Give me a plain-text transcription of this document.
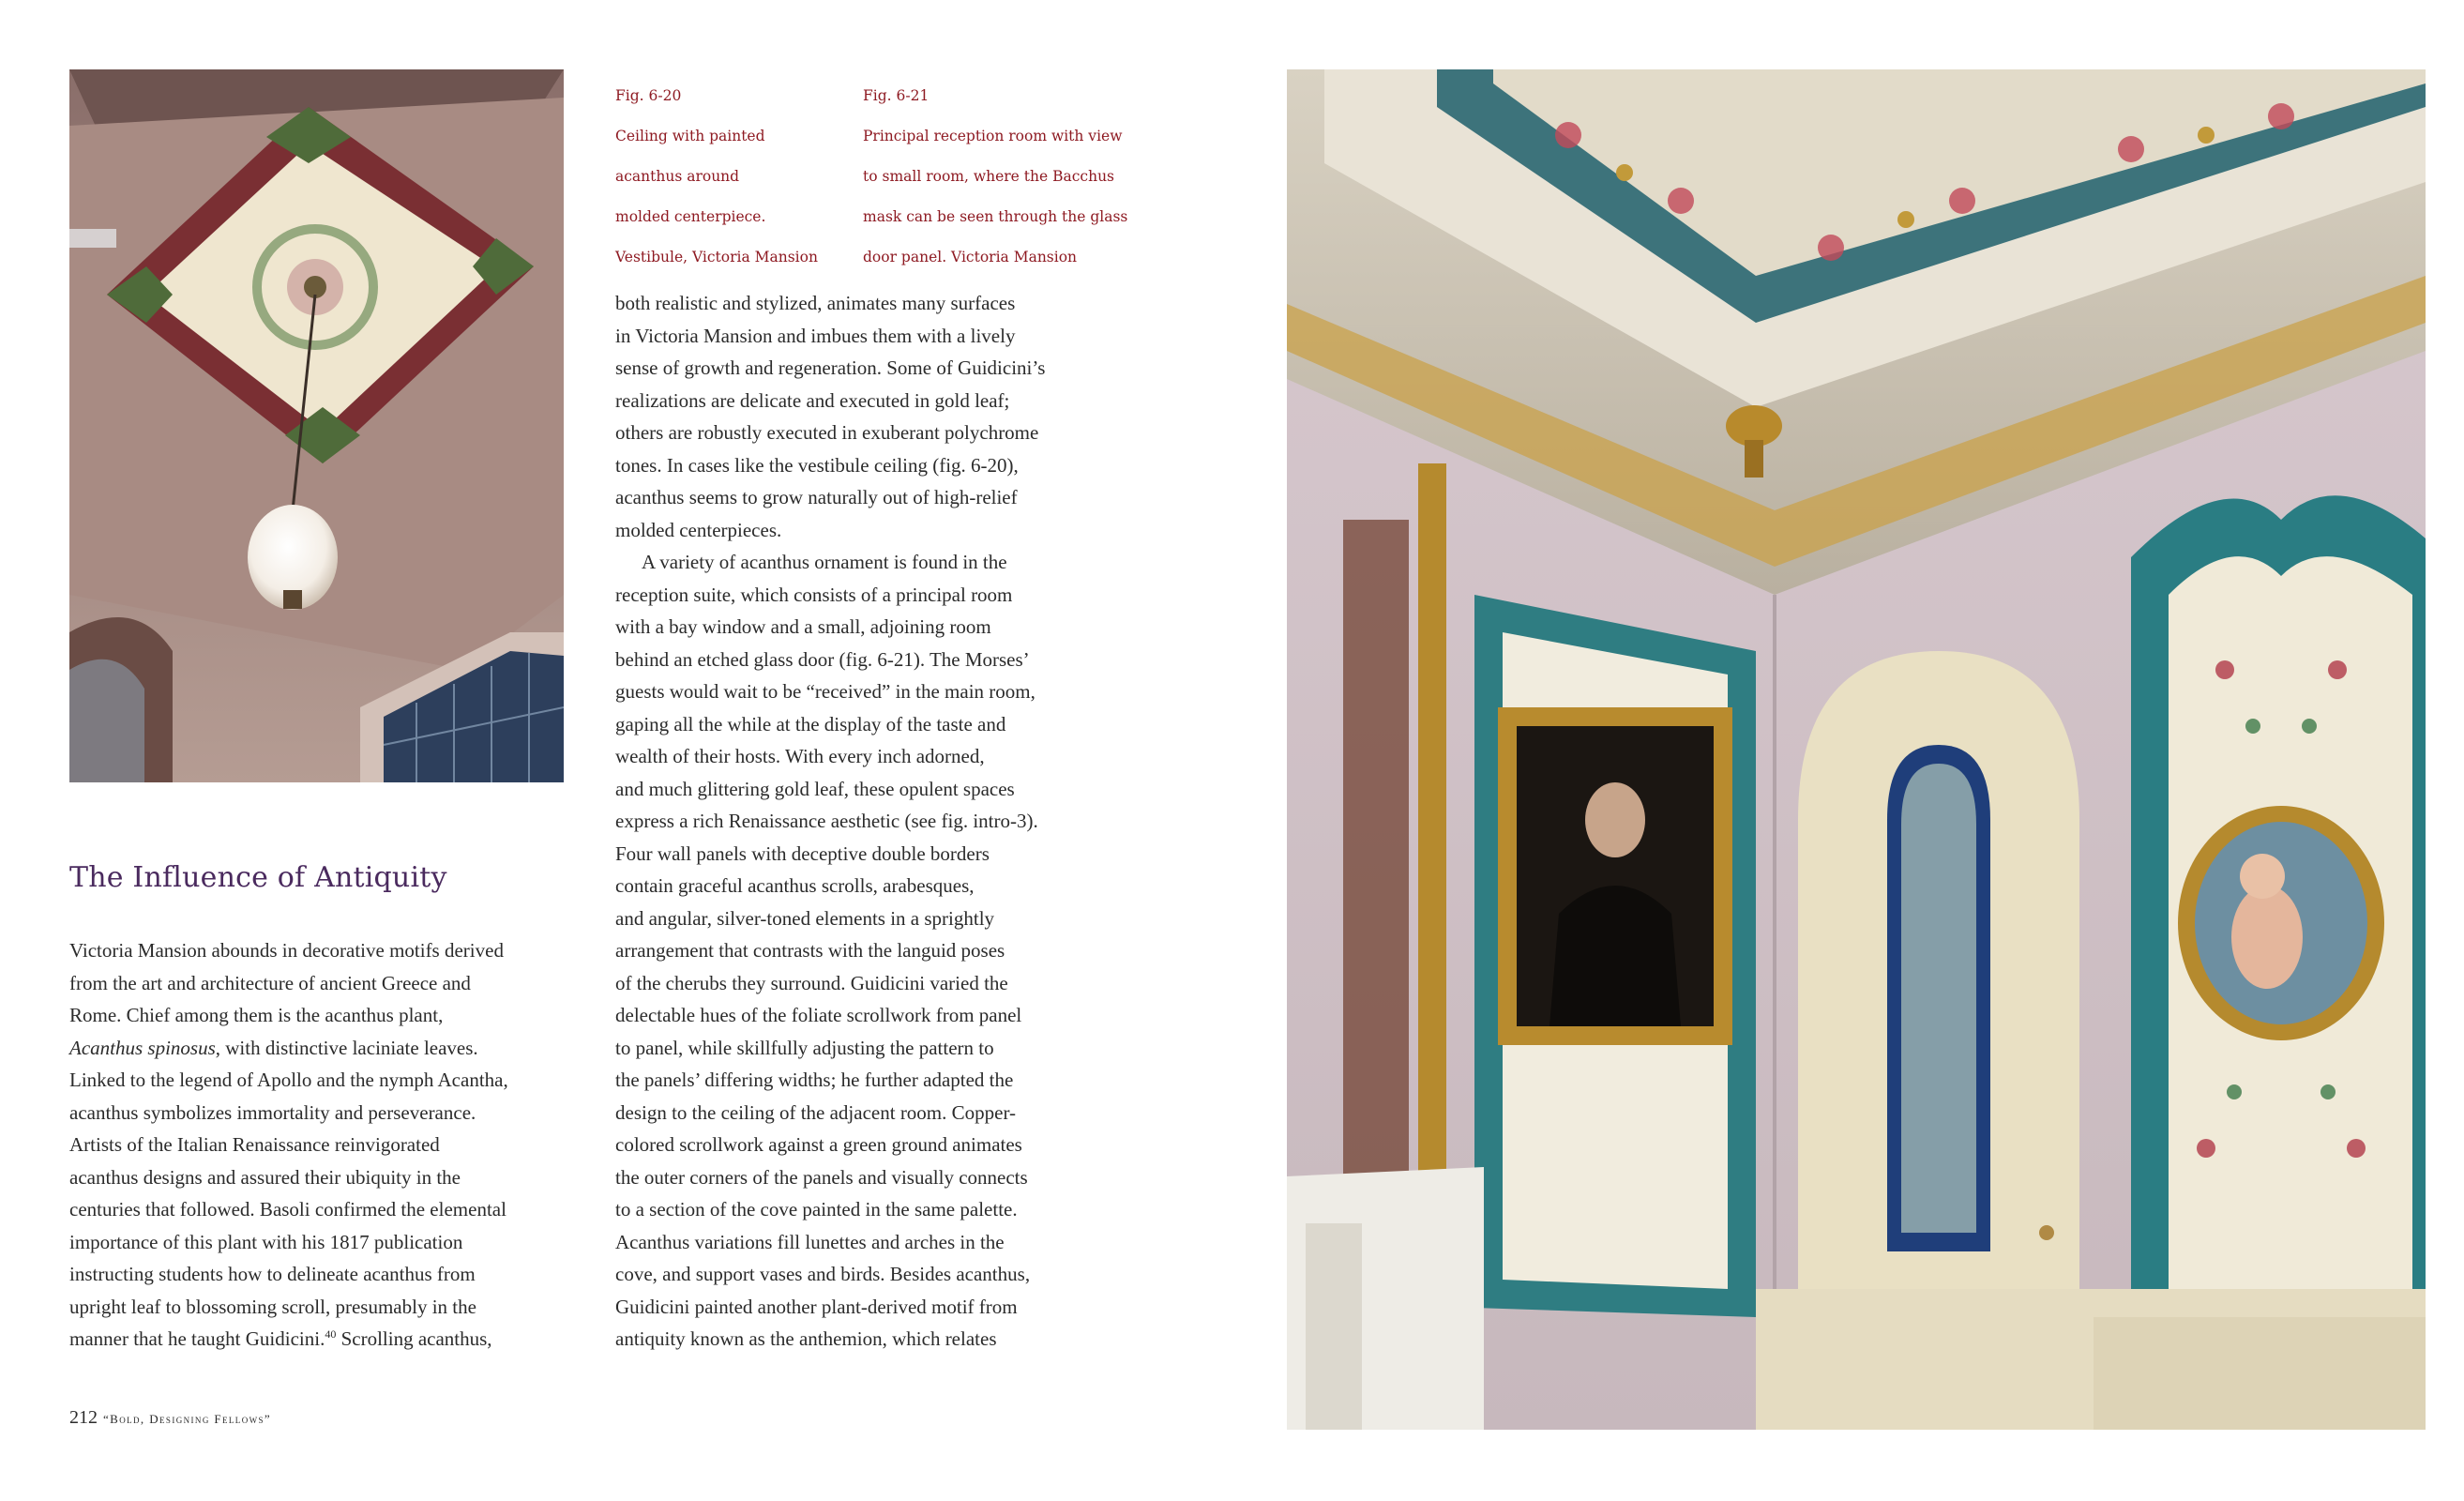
Fig. 6-20

Ceiling with painted

acanthus around

molded centerpiece.

Vestibule, Victoria Mansion

Fig. 6-21

Principal reception room with view

to small room, where the Bacchus

mask can be seen through the glass

door panel. Victoria Mansion

The Influence of Antiquity
Victoria Mansion abounds in decorative motifs derived
from the art and architecture of ancient Greece and
Rome. Chief among them is the acanthus plant,
Acanthus spinosus, with distinctive laciniate leaves.
Linked to the legend of Apollo and the nymph Acantha,
acanthus symbolizes immortality and perseverance.
Artists of the Italian Renaissance reinvigorated
acanthus designs and assured their ubiquity in the
centuries that followed. Basoli confirmed the elemental
importance of this plant with his 1817 publication
instructing students how to delineate acanthus from
upright leaf to blossoming scroll, presumably in the
manner that he taught Guidicini.$^{40}$ Scrolling acanthus,
both realistic and stylized, animates many surfaces
in Victoria Mansion and imbues them with a lively
sense of growth and regeneration. Some of Guidicini’s
realizations are delicate and executed in gold leaf;
others are robustly executed in exuberant polychrome
tones. In cases like the vestibule ceiling (fig. 6-20),
acanthus seems to grow naturally out of high-relief
molded centerpieces.
A variety of acanthus ornament is found in the
reception suite, which consists of a principal room
with a bay window and a small, adjoining room
behind an etched glass door (fig. 6-21). The Morses’
guests would wait to be “received” in the main room,
gaping all the while at the display of the taste and
wealth of their hosts. With every inch adorned,
and much glittering gold leaf, these opulent spaces
express a rich Renaissance aesthetic (see fig. intro-3).
Four wall panels with deceptive double borders
contain graceful acanthus scrolls, arabesques,
and angular, silver-toned elements in a sprightly
arrangement that contrasts with the languid poses
of the cherubs they surround. Guidicini varied the
delectable hues of the foliate scrollwork from panel
to panel, while skillfully adjusting the pattern to
the panels’ differing widths; he further adapted the
design to the ceiling of the adjacent room. Copper-
colored scrollwork against a green ground animates
the outer corners of the panels and visually connects
to a section of the cove painted in the same palette.
Acanthus variations fill lunettes and arches in the
cove, and support vases and birds. Besides acanthus,
Guidicini painted another plant-derived motif from
antiquity known as the anthemion, which relates
212 “Bold, Designing Fellows”
